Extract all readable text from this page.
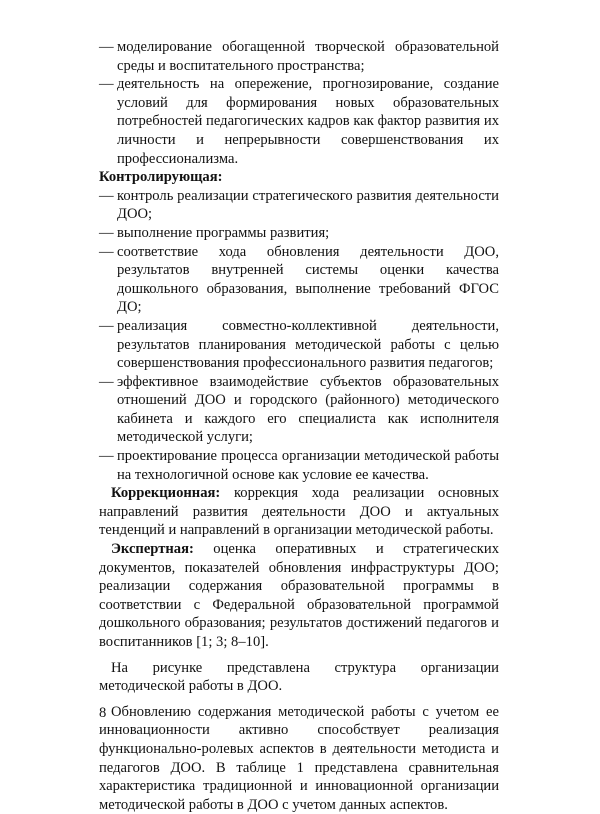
— моделирование обогащенной творческой образовательной среды и воспитательного пространства;
— деятельность на опережение, прогнозирование, создание условий для формирования новых образовательных потребностей педагогических кадров как фактор развития их личности и непрерывности совершенствования их профессионализма.
Контролирующая:
— контроль реализации стратегического развития деятельности ДОО;
— выполнение программы развития;
— соответствие хода обновления деятельности ДОО, результатов внутренней системы оценки качества дошкольного образования, выполнение требований ФГОС ДО;
— реализация совместно-коллективной деятельности, результатов планирования методической работы с целью совершенствования профессионального развития педагогов;
— эффективное взаимодействие субъектов образовательных отношений ДОО и городского (районного) методического кабинета и каждого его специалиста как исполнителя методической услуги;
— проектирование процесса организации методической работы на технологичной основе как условие ее качества.

Коррекционная: коррекция хода реализации основных направлений развития деятельности ДОО и актуальных тенденций и направлений в организации методической работы.

Экспертная: оценка оперативных и стратегических документов, показателей обновления инфраструктуры ДОО; реализации содержания образовательной программы в соответствии с Федеральной образовательной программой дошкольного образования; результатов достижений педагогов и воспитанников [1; 3; 8–10].

На рисунке представлена структура организации методической работы в ДОО.

Обновлению содержания методической работы с учетом ее инновационности активно способствует реализация функционально-ролевых аспектов в деятельности методиста и педагогов ДОО. В таблице 1 представлена сравнительная характеристика традиционной и инновационной организации методической работы в ДОО с учетом данных аспектов.

8
